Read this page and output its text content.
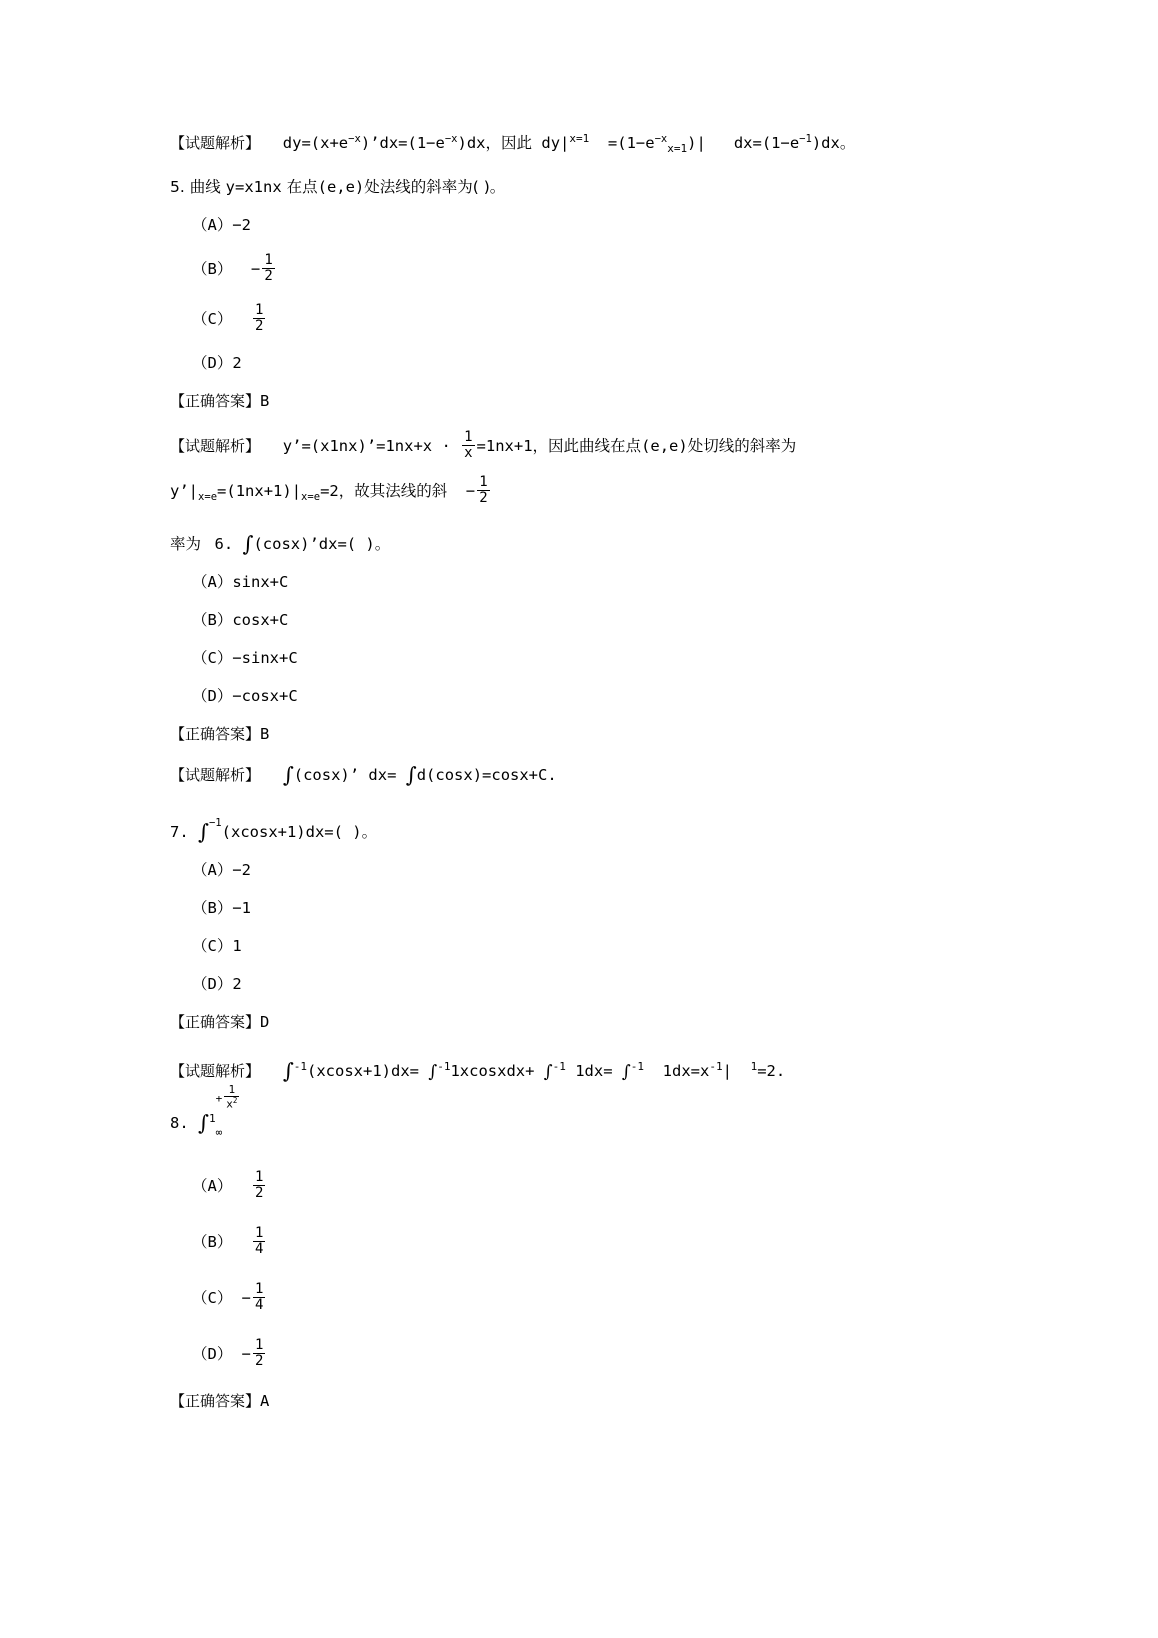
【试题解析】   $dy=(x+e^{-x})’dx=(1-e^{-x})dx$，因此 $dy|^{x=1} =(1-e^{-x}_{x=1})|$   $dx=(1-e^{-1})dx$。
5. 曲线 y=x1nx 在点(e,e)处法线的斜率为( )。
（A）−2
$(B) - \frac{1}{2}$
$(C) \frac{1}{2}$
（D）2
【正确答案】B
【试题解析】   y’=(x1nx)’=1nx+x · $\frac{1}{x} =1nx+1$，因此曲线在点(e,e)处切线的斜率为
$y’|_{x=e}=(1nx+1)|_{x=e}=2$，故其法线的斜  − $\frac{1}{2}$
率为 6. ∫(cosx)’dx=( )。
（A）sinx+C
（B）cosx+C
（C）−sinx+C
（D）−cosx+C
【正确答案】B
【试题解析】 ∫(cosx)’ dx= ∫d(cosx)=cosx+C.
7. ∫$^{-1}$(xcosx+1)dx=( )。
（A）−2
（B）−1
（C）1
（D）2
【正确答案】D
【试题解析】 ∫$^{-1}$(xcosx+1)dx= ∫$^{-1}$1xcosxdx+ ∫$^{-1}$ 1dx= ∫$^{-1}$  $1dx=x^{-1}|$ $^1$=2.
8. ∫$^1$
+ $\frac{1}{x^2}$
∞
$(A) \frac{1}{2}$
$(B) \frac{1}{4}$
$(C) - \frac{1}{4}$
$(D) - \frac{1}{2}$
【正确答案】A
